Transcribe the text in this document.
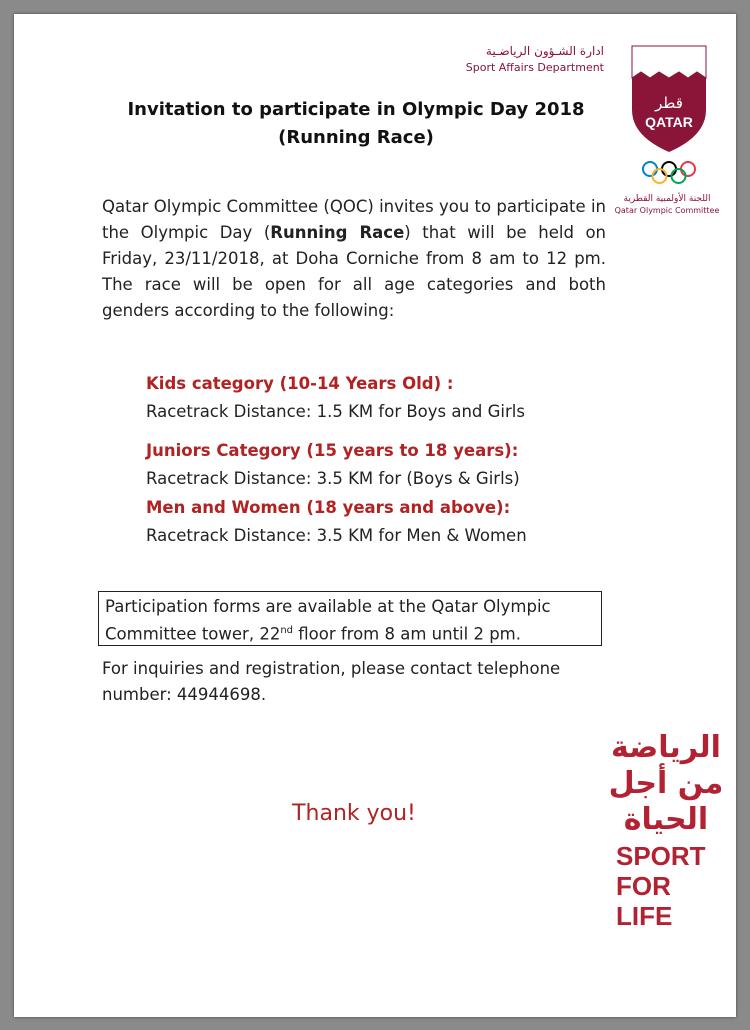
ادارة الشـؤون الرياضـية
Sport Affairs Department
قطر
QATAR
اللجنة الأولمبية القطرية
Qatar Olympic Committee
Invitation to participate in Olympic Day 2018
(Running Race)
Qatar Olympic Committee (QOC) invites you to participate in the Olympic Day (Running Race) that will be held on Friday, 23/11/2018, at Doha Corniche from 8 am to 12 pm. The race will be open for all age categories and both genders according to the following:
Kids category (10-14 Years Old) :
Racetrack Distance: 1.5 KM for Boys and Girls
Juniors Category (15 years to 18 years):
Racetrack Distance: 3.5 KM for (Boys & Girls)
Men and Women (18 years and above):
Racetrack Distance: 3.5 KM for Men & Women
Participation forms are available at the Qatar Olympic
Committee tower, 22nd floor from 8 am until 2 pm.
For inquiries and registration, please contact telephone number: 44944698.
Thank you!
الرياضة
من أجل
الحياة
SPORT
FOR
LIFE
